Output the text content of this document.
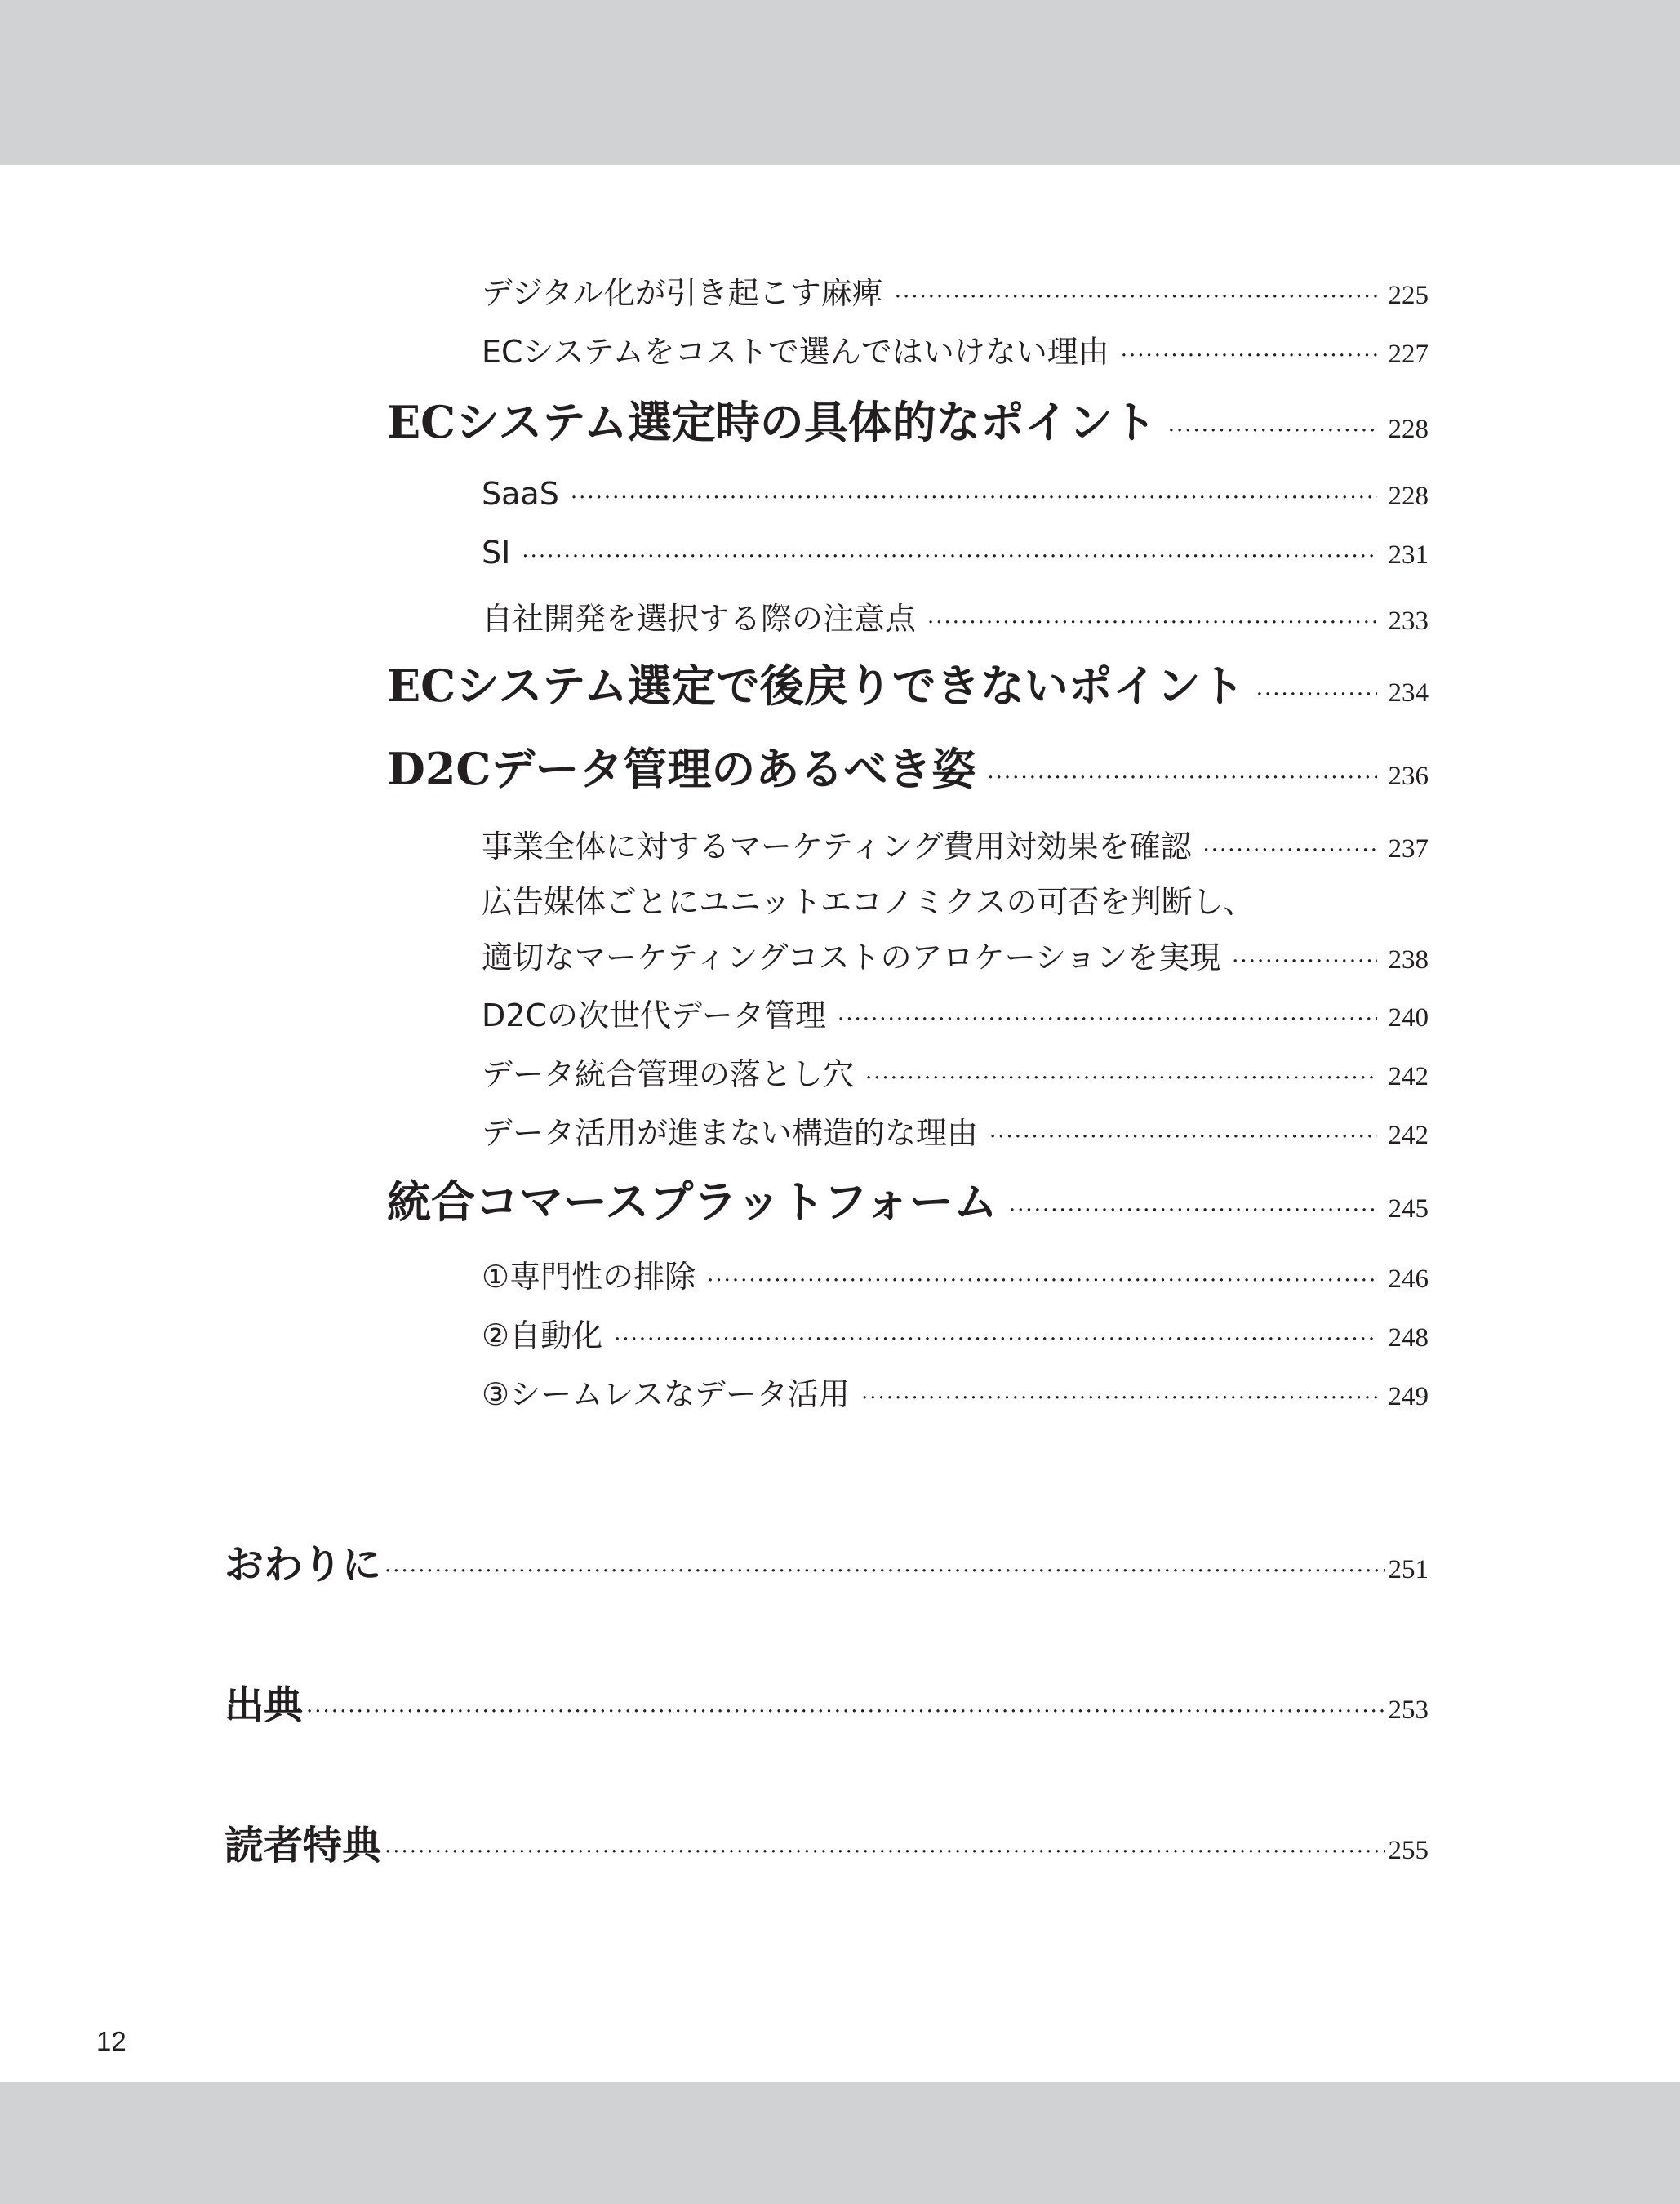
デジタル化が引き起こす麻痺 ·····	225
ECシステムをコストで選んではいけない理由 ·····	227
ECシステム選定時の具体的なポイント ·····	228
SaaS ·····	228
SI ·····	231
自社開発を選択する際の注意点 ·····	233
ECシステム選定で後戻りできないポイント ·····	234
D2Cデータ管理のあるべき姿 ·····	236
事業全体に対するマーケティング費用対効果を確認 ·····	237
広告媒体ごとにユニットエコノミクスの可否を判断し、
適切なマーケティングコストのアロケーションを実現 ·····	238
D2Cの次世代データ管理 ·····	240
データ統合管理の落とし穴 ·····	242
データ活用が進まない構造的な理由 ·····	242
統合コマースプラットフォーム ·····	245
①専門性の排除 ·····	246
②自動化 ·····	248
③シームレスなデータ活用 ·····	249
おわりに ·····	251
出典 ·····	253
読者特典 ·····	255
12
